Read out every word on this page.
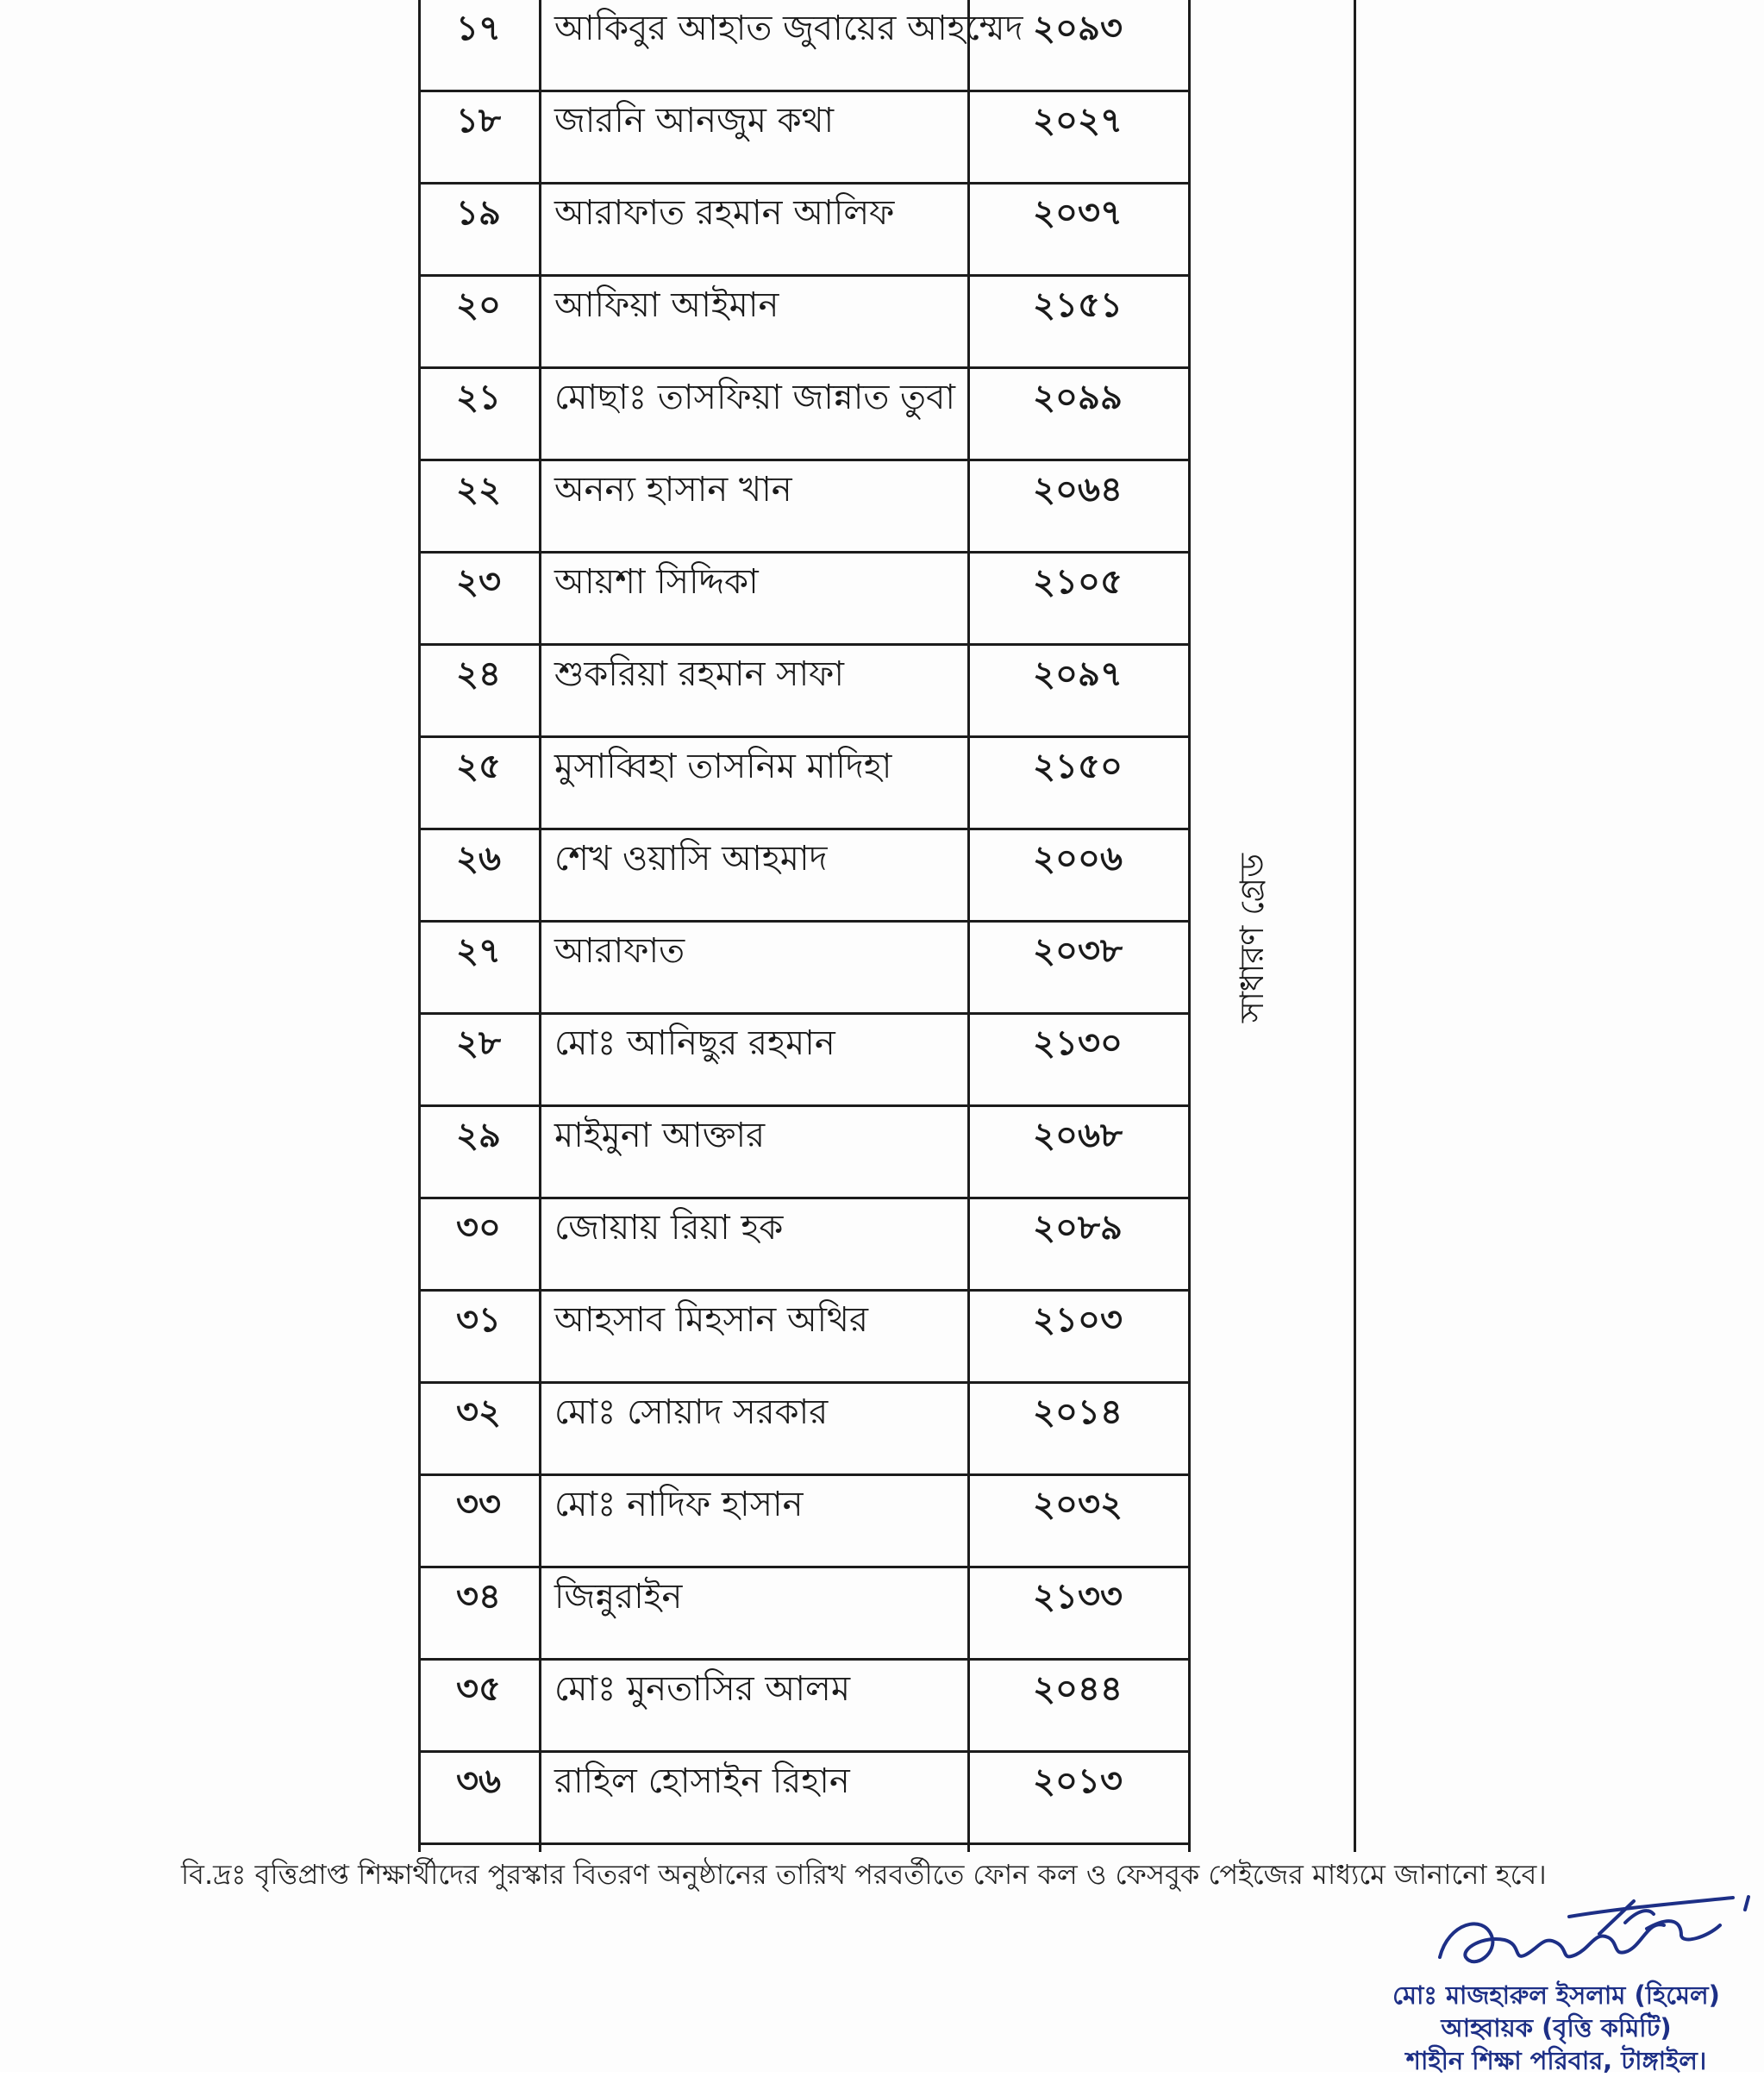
১৭	আকিবুর আহাত জুবায়ের আহম্মেদ ২০৯৩
১৮	জারনি আনজুম কথা	২০২৭
১৯	আরাফাত রহমান আলিফ	২০৩৭
২০	আফিয়া আইমান	২১৫১
২১	মোছাঃ তাসফিয়া জান্নাত তুবা	২০৯৯
২২	অনন্য হাসান খান	২০৬৪
২৩	আয়শা সিদ্দিকা	২১০৫
২৪	শুকরিয়া রহমান সাফা	২০৯৭
২৫	মুসাব্বিহা তাসনিম মাদিহা	২১৫০
২৬	শেখ ওয়াসি আহমাদ	২০০৬
২৭	আরাফাত	২০৩৮
২৮	মোঃ আনিছুর রহমান	২১৩০
২৯	মাইমুনা আক্তার	২০৬৮
৩০	জোয়ায় রিয়া হক	২০৮৯
৩১	আহসাব মিহসান অথির	২১০৩
৩২	মোঃ সোয়াদ সরকার	২০১৪
৩৩	মোঃ নাদিফ হাসান	২০৩২
৩৪	জিন্নুরাইন	২১৩৩
৩৫	মোঃ মুনতাসির আলম	২০৪৪
৩৬	রাহিল হোসাইন রিহান	২০১৩
সাধারণ গ্রেড
বি.দ্রঃ বৃত্তিপ্রাপ্ত শিক্ষার্থীদের পুরস্কার বিতরণ অনুষ্ঠানের তারিখ পরবর্তীতে ফোন কল ও ফেসবুক পেইজের মাধ্যমে জানানো হবে।
মোঃ মাজহারুল ইসলাম (হিমেল)
আহ্বায়ক (বৃত্তি কমিটি)
শাহীন শিক্ষা পরিবার, টাঙ্গাইল।
